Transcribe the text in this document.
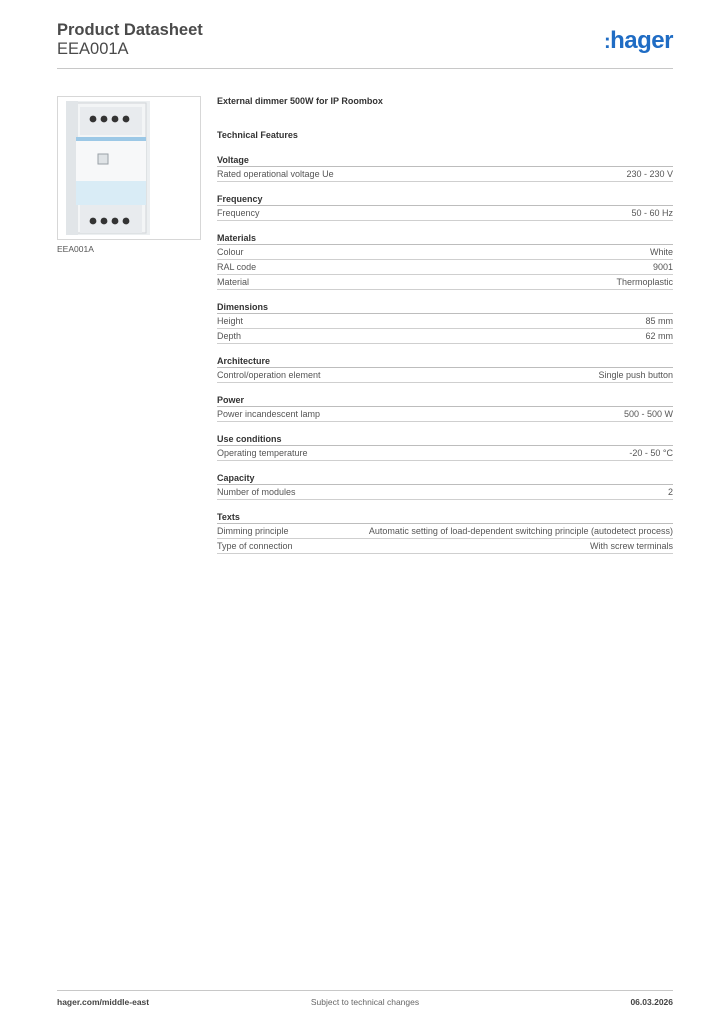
Product Datasheet
EEA001A	:hager
EEA001A
External dimmer 500W for IP Roombox
Technical Features
Voltage
Rated operational voltage Ue	230 - 230 V
Frequency
Frequency	50 - 60 Hz
Materials
Colour	White
RAL code	9001
Material	Thermoplastic
Dimensions
Height	85 mm
Depth	62 mm
Architecture
Control/operation element	Single push button
Power
Power incandescent lamp	500 - 500 W
Use conditions
Operating temperature	-20 - 50 °C
Capacity
Number of modules	2
Texts
Dimming principle	Automatic setting of load-dependent switching principle (autodetect process)
Type of connection	With screw terminals
hager.com/middle-east	Subject to technical changes	06.03.2026
